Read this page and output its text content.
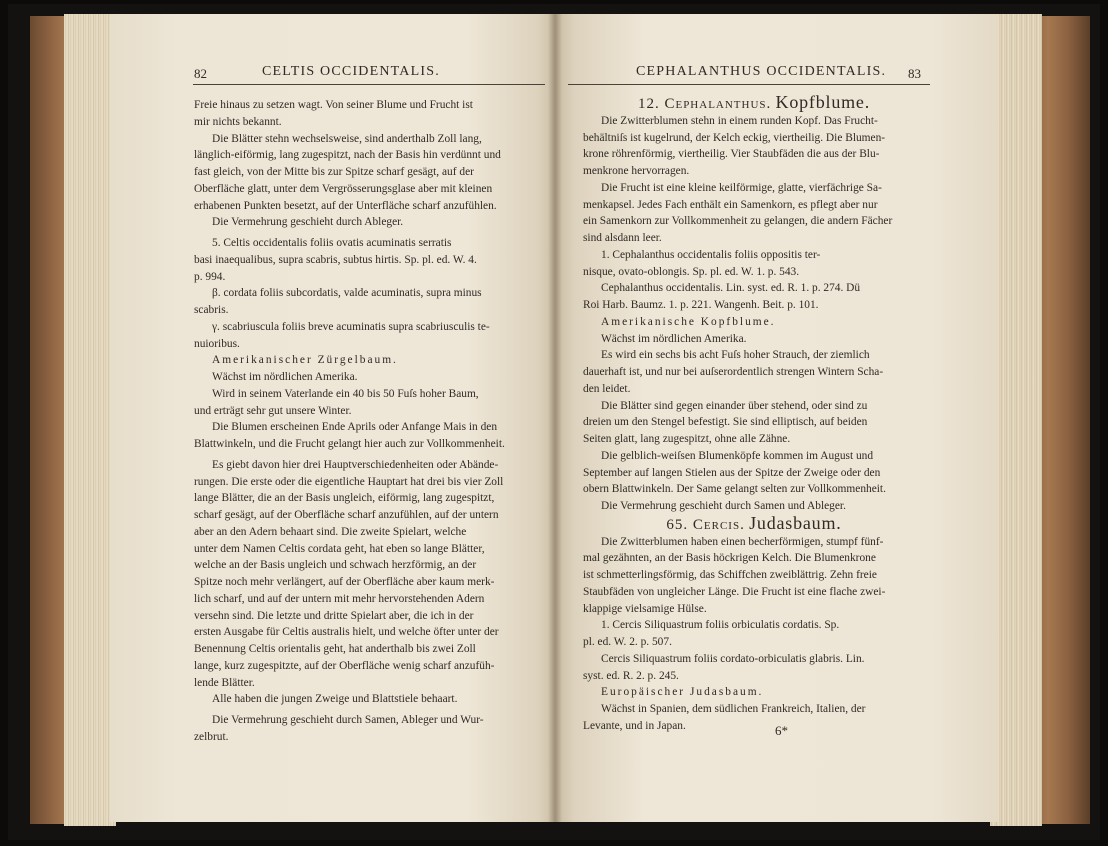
82	CELTIS OCCIDENTALIS.	CEPHALANTHUS OCCIDENTALIS. 83

Freie hinaus zu setzen wagt. Von seiner Blume und Frucht ist

mir nichts bekannt.

Die Blätter stehn wechselsweise, sind anderthalb Zoll lang,

länglich-eiförmig, lang zugespitzt, nach der Basis hin verdünnt und

fast gleich, von der Mitte bis zur Spitze scharf gesägt, auf der

Oberfläche glatt, unter dem Vergrösserungsglase aber mit kleinen

erhabenen Punkten besetzt, auf der Unterfläche scharf anzufühlen.

Die Vermehrung geschieht durch Ableger.

5. Celtis occidentalis foliis ovatis acuminatis serratis

basi inaequalibus, supra scabris, subtus hirtis. Sp. pl. ed. W. 4.

p. 994.

β. cordata foliis subcordatis, valde acuminatis, supra minus

scabris.

γ. scabriuscula foliis breve acuminatis supra scabriusculis te-

nuioribus.

Amerikanischer Zürgelbaum.

Wächst im nördlichen Amerika.

Wird in seinem Vaterlande ein 40 bis 50 Fuſs hoher Baum,

und erträgt sehr gut unsere Winter.

Die Blumen erscheinen Ende Aprils oder Anfange Mais in den

Blattwinkeln, und die Frucht gelangt hier auch zur Vollkommenheit.

Es giebt davon hier drei Hauptverschiedenheiten oder Abände-

rungen. Die erste oder die eigentliche Hauptart hat drei bis vier Zoll

lange Blätter, die an der Basis ungleich, eiförmig, lang zugespitzt,

scharf gesägt, auf der Oberfläche scharf anzufühlen, auf der untern

aber an den Adern behaart sind. Die zweite Spielart, welche

unter dem Namen Celtis cordata geht, hat eben so lange Blätter,

welche an der Basis ungleich und schwach herzförmig, an der

Spitze noch mehr verlängert, auf der Oberfläche aber kaum merk-

lich scharf, und auf der untern mit mehr hervorstehenden Adern

versehn sind. Die letzte und dritte Spielart aber, die ich in der

ersten Ausgabe für Celtis australis hielt, und welche öfter unter der

Benennung Celtis orientalis geht, hat anderthalb bis zwei Zoll

lange, kurz zugespitzte, auf der Oberfläche wenig scharf anzufüh-

lende Blätter.

Alle haben die jungen Zweige und Blattstiele behaart.

Die Vermehrung geschieht durch Samen, Ableger und Wur-

zelbrut.

12. Cephalanthus. Kopfblume.

Die Zwitterblumen stehn in einem runden Kopf. Das Frucht-

behältniſs ist kugelrund, der Kelch eckig, viertheilig. Die Blumen-

krone röhrenförmig, viertheilig. Vier Staubfäden die aus der Blu-

menkrone hervorragen.

Die Frucht ist eine kleine keilförmige, glatte, vierfächrige Sa-

menkapsel. Jedes Fach enthält ein Samenkorn, es pflegt aber nur

ein Samenkorn zur Vollkommenheit zu gelangen, die andern Fächer

sind alsdann leer.

1. Cephalanthus occidentalis foliis oppositis ter-

nisque, ovato-oblongis. Sp. pl. ed. W. 1. p. 543.

Cephalanthus occidentalis. Lin. syst. ed. R. 1. p. 274. Dü

Roi Harb. Baumz. 1. p. 221. Wangenh. Beit. p. 101.

Amerikanische Kopfblume.

Wächst im nördlichen Amerika.

Es wird ein sechs bis acht Fuſs hoher Strauch, der ziemlich

dauerhaft ist, und nur bei auſserordentlich strengen Wintern Scha-

den leidet.

Die Blätter sind gegen einander über stehend, oder sind zu

dreien um den Stengel befestigt. Sie sind elliptisch, auf beiden

Seiten glatt, lang zugespitzt, ohne alle Zähne.

Die gelblich-weiſsen Blumenköpfe kommen im August und

September auf langen Stielen aus der Spitze der Zweige oder den

obern Blattwinkeln. Der Same gelangt selten zur Vollkommenheit.

Die Vermehrung geschieht durch Samen und Ableger.

65. Cercis. Judasbaum.

Die Zwitterblumen haben einen becherförmigen, stumpf fünf-

mal gezähnten, an der Basis höckrigen Kelch. Die Blumenkrone

ist schmetterlingsförmig, das Schiffchen zweiblättrig. Zehn freie

Staubfäden von ungleicher Länge. Die Frucht ist eine flache zwei-

klappige vielsamige Hülse.

1. Cercis Siliquastrum foliis orbiculatis cordatis. Sp.

pl. ed. W. 2. p. 507.

Cercis Siliquastrum foliis cordato-orbiculatis glabris. Lin.

syst. ed. R. 2. p. 245.

Europäischer Judasbaum.

Wächst in Spanien, dem südlichen Frankreich, Italien, der

Levante, und in Japan.	6*
